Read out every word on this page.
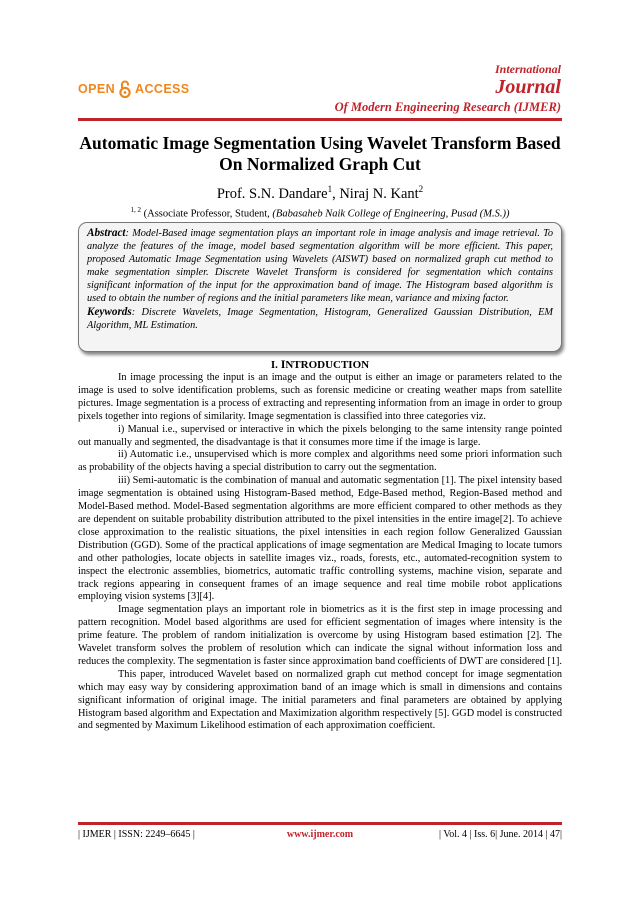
OPEN ACCESS
International
Journal
Of Modern Engineering Research (IJMER)
Automatic Image Segmentation Using Wavelet Transform Based On Normalized Graph Cut
Prof. S.N. Dandare$^1$, Niraj N. Kant$^2$
$^{1, 2}$ (Associate Professor, Student, (Babasaheb Naik College of Engineering, Pusad (M.S.))
Abstract: Model-Based image segmentation plays an important role in image analysis and image retrieval. To analyze the features of the image, model based segmentation algorithm will be more efficient. This paper, proposed Automatic Image Segmentation using Wavelets (AISWT) based on normalized graph cut method to make segmentation simpler. Discrete Wavelet Transform is considered for segmentation which contains significant information of the input for the approximation band of image. The Histogram based algorithm is used to obtain the number of regions and the initial parameters like mean, variance and mixing factor.
Keywords: Discrete Wavelets, Image Segmentation, Histogram, Generalized Gaussian Distribution, EM Algorithm, ML Estimation.
I. INTRODUCTION

In image processing the input is an image and the output is either an image or parameters related to the image is used to solve identification problems, such as forensic medicine or creating weather maps from satellite pictures. Image segmentation is a process of extracting and representing information from an image in order to group pixels together into regions of similarity. Image segmentation is classified into three categories viz.

i) Manual i.e., supervised or interactive in which the pixels belonging to the same intensity range pointed out manually and segmented, the disadvantage is that it consumes more time if the image is large.

ii) Automatic i.e., unsupervised which is more complex and algorithms need some priori information such as probability of the objects having a special distribution to carry out the segmentation.

iii) Semi-automatic is the combination of manual and automatic segmentation [1]. The pixel intensity based image segmentation is obtained using Histogram-Based method, Edge-Based method, Region-Based method and Model-Based method. Model-Based segmentation algorithms are more efficient compared to other methods as they are dependent on suitable probability distribution attributed to the pixel intensities in the entire image[2]. To achieve close approximation to the realistic situations, the pixel intensities in each region follow Generalized Gaussian Distribution (GGD). Some of the practical applications of image segmentation are Medical Imaging to locate tumors and other pathologies, locate objects in satellite images viz., roads, forests, etc., automated-recognition system to inspect the electronic assemblies, biometrics, automatic traffic controlling systems, machine vision, separate and track regions appearing in consequent frames of an image sequence and real time mobile robot applications employing vision systems [3][4].

Image segmentation plays an important role in biometrics as it is the first step in image processing and pattern recognition. Model based algorithms are used for efficient segmentation of images where intensity is the prime feature. The problem of random initialization is overcome by using Histogram based estimation [2]. The Wavelet transform solves the problem of resolution which can indicate the signal without information loss and reduces the complexity. The segmentation is faster since approximation band coefficients of DWT are considered [1].

This paper, introduced Wavelet based on normalized graph cut method concept for image segmentation which may easy way by considering approximation band of an image which is small in dimensions and contains significant information of original image. The initial parameters and final parameters are obtained by applying Histogram based algorithm and Expectation and Maximization algorithm respectively [5]. GGD model is constructed and segmented by Maximum Likelihood estimation of each approximation coefficient.

| IJMER | ISSN: 2249–6645 |	www.ijmer.com	| Vol. 4 | Iss. 6| June. 2014 | 47|
